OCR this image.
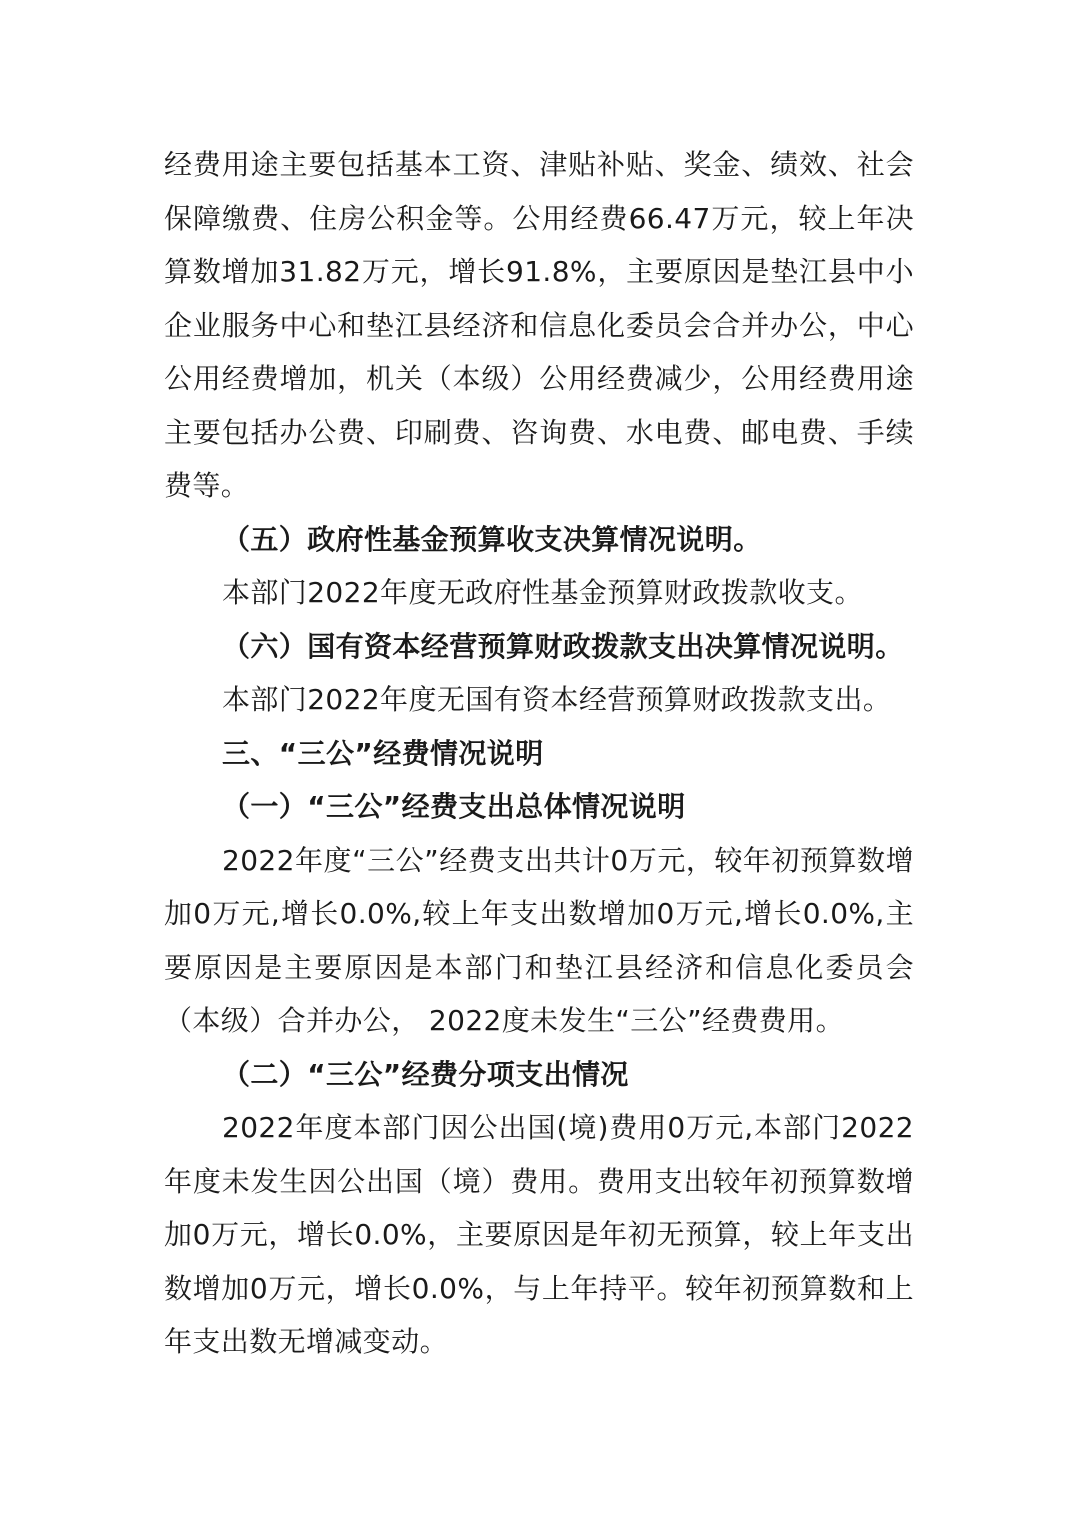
经费用途主要包括基本工资、津贴补贴、奖金、绩效、社会保障缴费、住房公积金等。公用经费66.47万元，较上年决算数增加31.82万元，增长91.8%，主要原因是垫江县中小企业服务中心和垫江县经济和信息化委员会合并办公，中心公用经费增加，机关（本级）公用经费减少，公用经费用途主要包括办公费、印刷费、咨询费、水电费、邮电费、手续费等。

（五）政府性基金预算收支决算情况说明。

本部门2022年度无政府性基金预算财政拨款收支。

（六）国有资本经营预算财政拨款支出决算情况说明。

本部门2022年度无国有资本经营预算财政拨款支出。

三、“三公”经费情况说明

（一）“三公”经费支出总体情况说明

2022年度“三公”经费支出共计0万元，较年初预算数增加0万元,增长0.0%,较上年支出数增加0万元,增长0.0%,主要原因是主要原因是本部门和垫江县经济和信息化委员会（本级）合并办公， 2022度未发生“三公”经费费用。

（二）“三公”经费分项支出情况

2022年度本部门因公出国(境)费用0万元,本部门2022年度未发生因公出国（境）费用。费用支出较年初预算数增加0万元，增长0.0%，主要原因是年初无预算，较上年支出数增加0万元，增长0.0%，与上年持平。较年初预算数和上年支出数无增减变动。
